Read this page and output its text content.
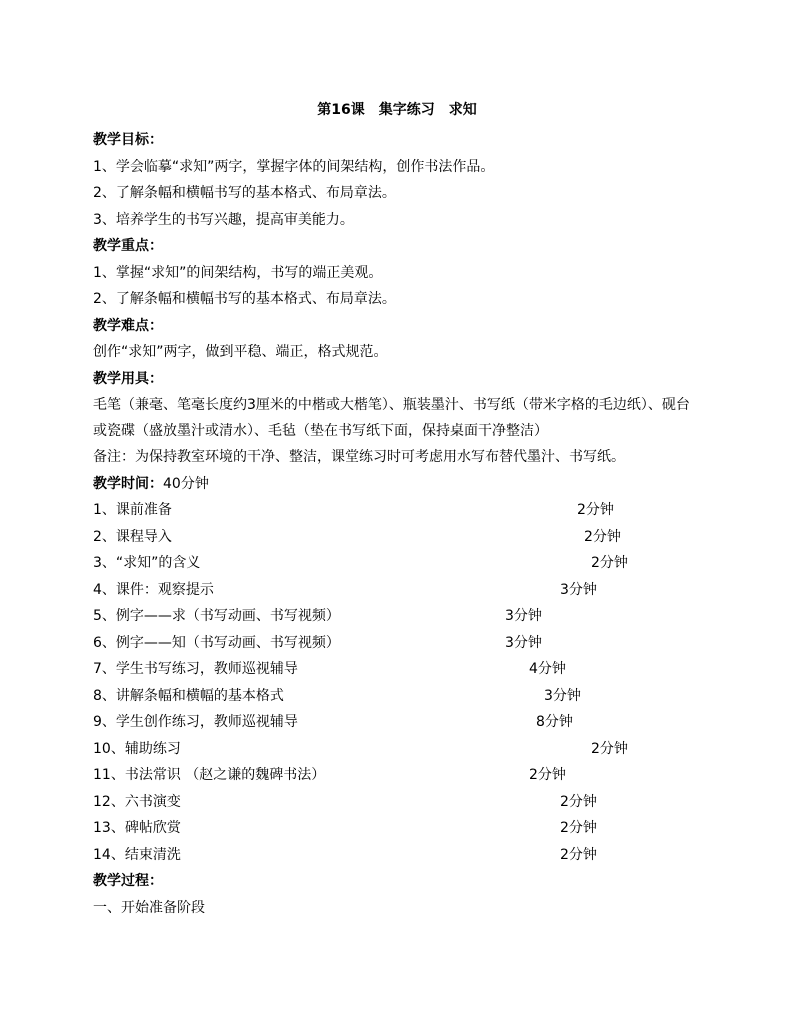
第16课　集字练习　求知
教学目标：
1、学会临摹“求知”两字，掌握字体的间架结构，创作书法作品。
2、了解条幅和横幅书写的基本格式、布局章法。
3、培养学生的书写兴趣，提高审美能力。
教学重点：
1、掌握“求知”的间架结构，书写的端正美观。
2、了解条幅和横幅书写的基本格式、布局章法。
教学难点：
创作“求知”两字，做到平稳、端正，格式规范。
教学用具：
毛笔（兼毫、笔毫长度约3厘米的中楷或大楷笔）、瓶装墨汁、书写纸（带米字格的毛边纸）、砚台或瓷碟（盛放墨汁或清水）、毛毡（垫在书写纸下面，保持桌面干净整洁）
备注：为保持教室环境的干净、整洁，课堂练习时可考虑用水写布替代墨汁、书写纸。
教学时间：40分钟
1、课前准备	2分钟
2、课程导入	2分钟
3、“求知”的含义	2分钟
4、课件：观察提示	3分钟
5、例字——求（书写动画、书写视频）	3分钟
6、例字——知（书写动画、书写视频）	3分钟
7、学生书写练习，教师巡视辅导	4分钟
8、讲解条幅和横幅的基本格式	3分钟
9、学生创作练习，教师巡视辅导	8分钟
10、辅助练习	2分钟
11、书法常识 （赵之谦的魏碑书法）	2分钟
12、六书演变	2分钟
13、碑帖欣赏	2分钟
14、结束清洗	2分钟
教学过程：
一、开始准备阶段
